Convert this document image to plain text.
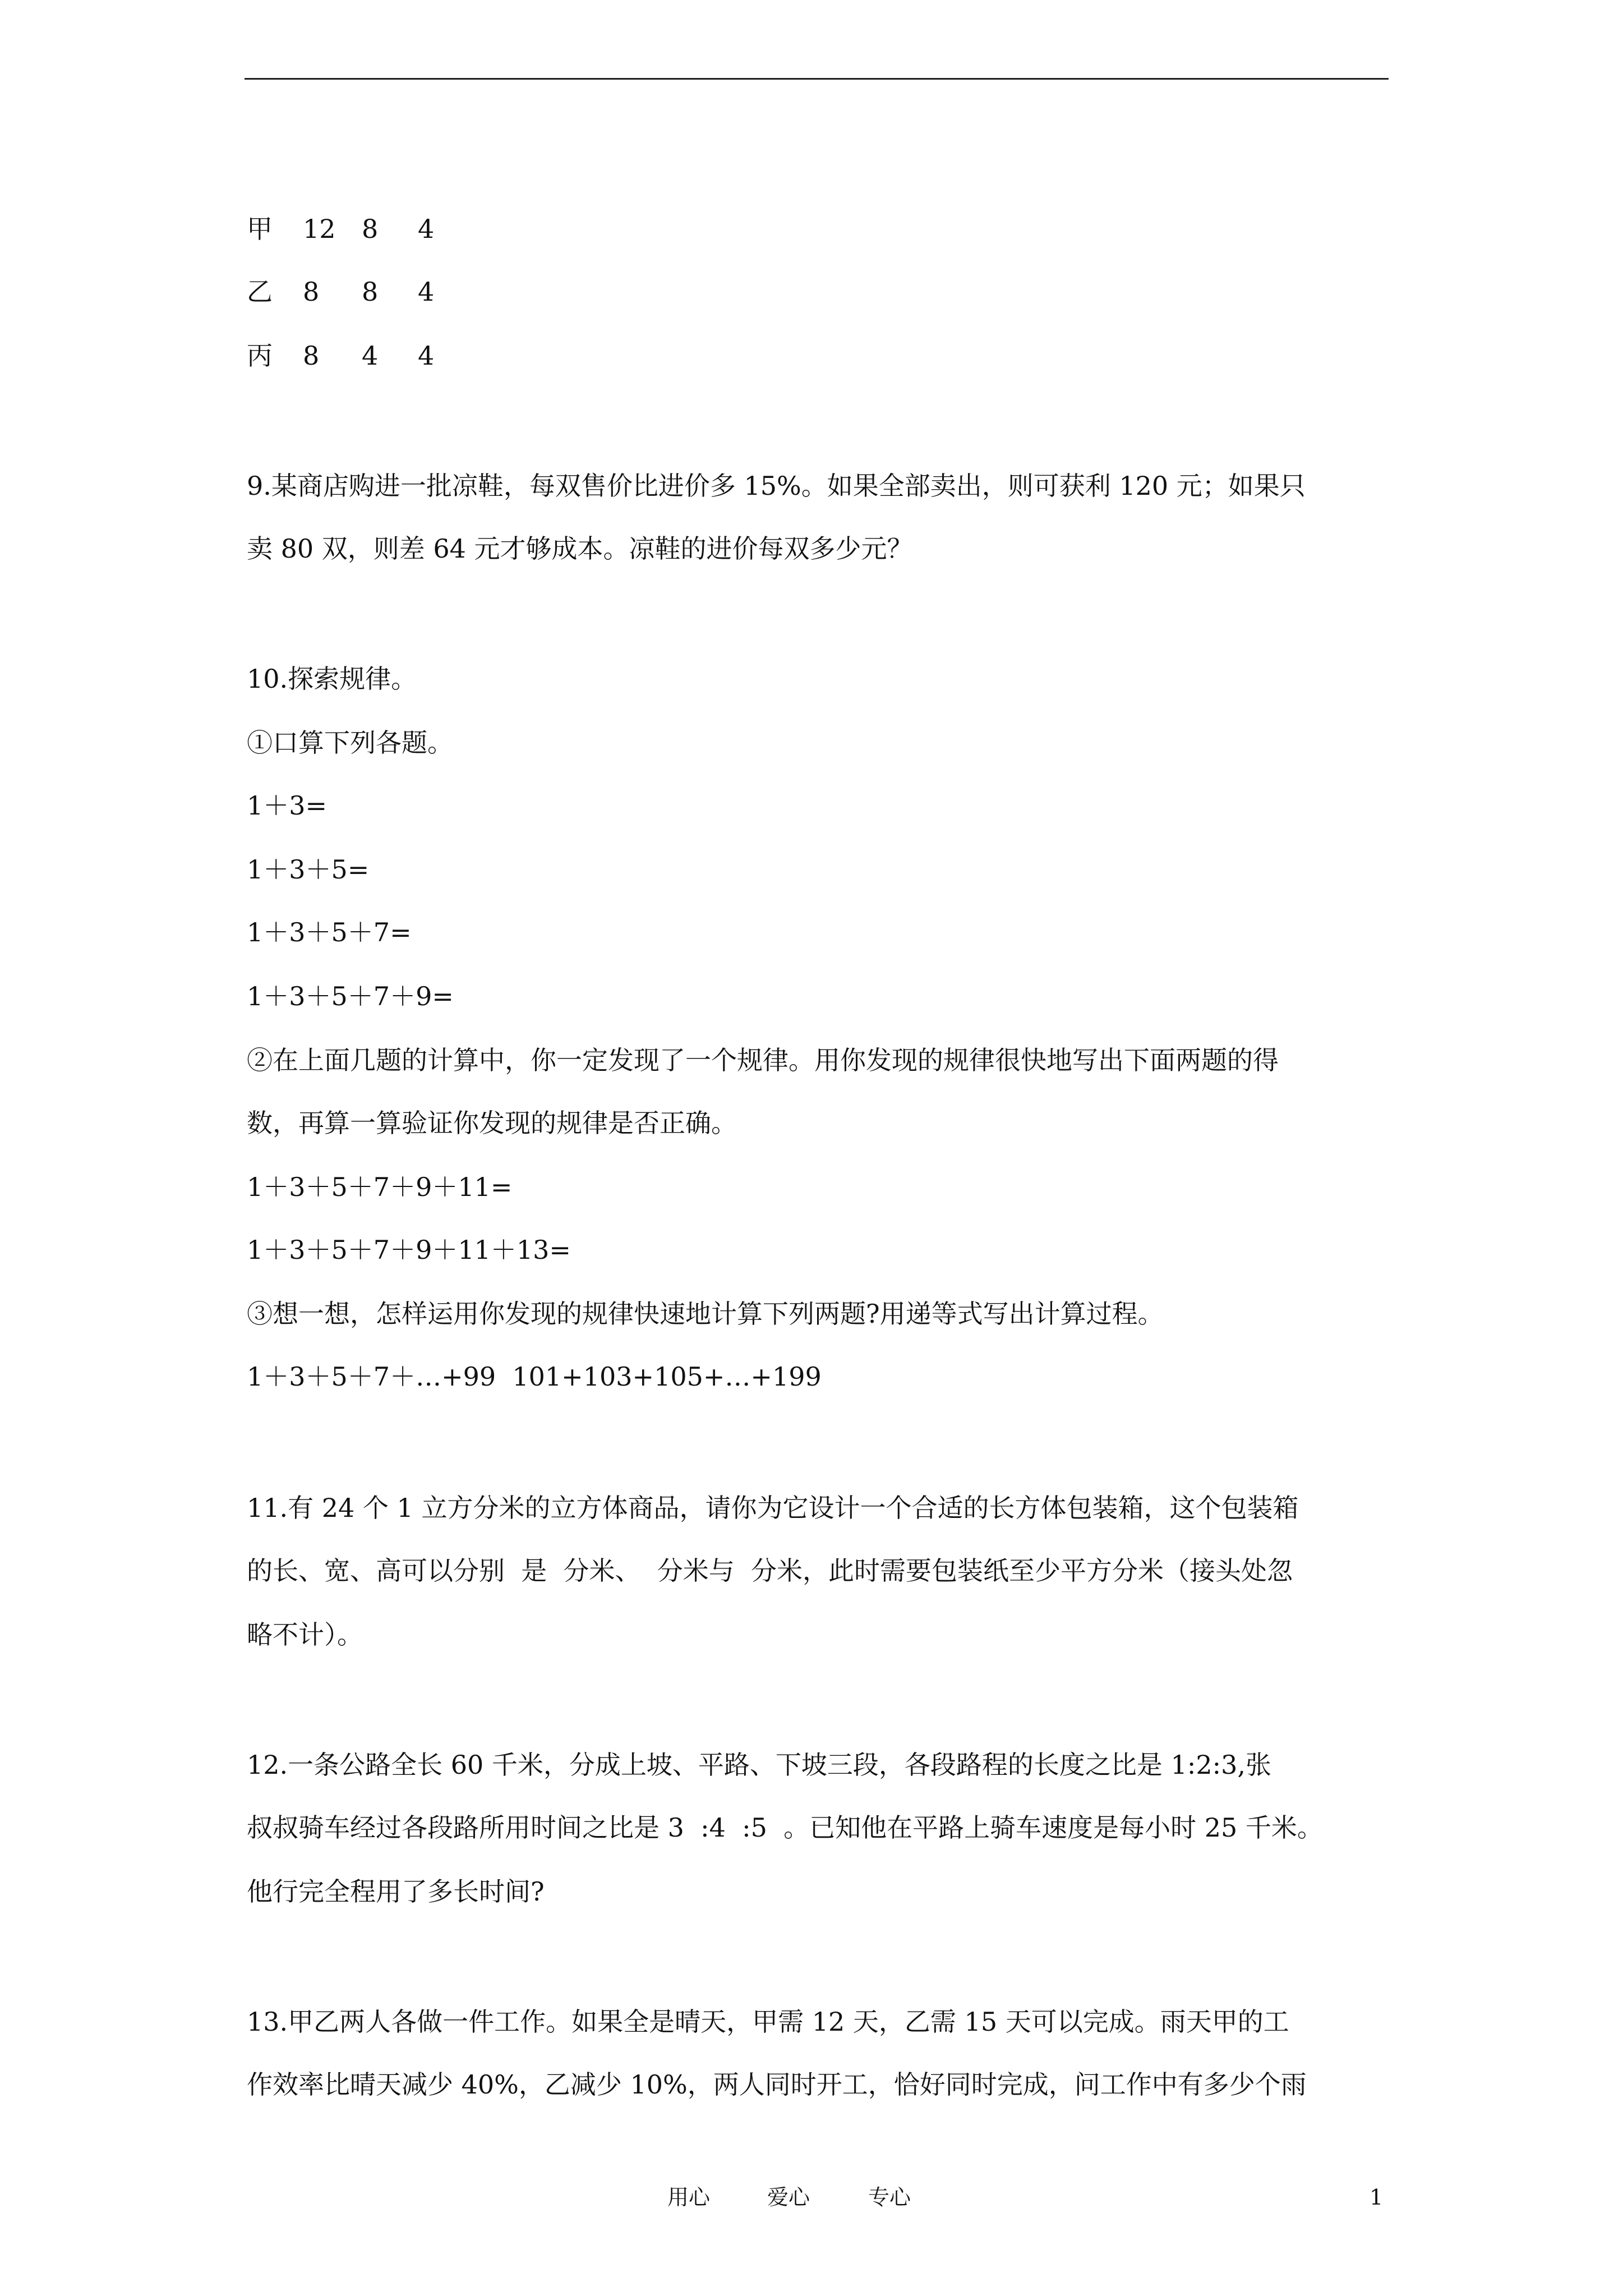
甲 12 8 4
乙 8 8 4
丙 8 4 4

9.某商店购进一批凉鞋，每双售价比进价多 15%。如果全部卖出，则可获利 120 元；如果只

卖 80 双，则差 64 元才够成本。凉鞋的进价每双多少元？

10.探索规律。

①口算下列各题。

1＋3=

1＋3＋5=

1＋3＋5＋7=

1＋3＋5＋7＋9=

②在上面几题的计算中，你一定发现了一个规律。用你发现的规律很快地写出下面两题的得

数，再算一算验证你发现的规律是否正确。

1＋3＋5＋7＋9＋11=

1＋3＋5＋7＋9＋11＋13=

③想一想，怎样运用你发现的规律快速地计算下列两题?用递等式写出计算过程。

1＋3＋5＋7＋…+99  101+103+105+…+199

11.有 24 个 1 立方分米的立方体商品，请你为它设计一个合适的长方体包装箱，这个包装箱

的长、宽、高可以分别  是  分米、  分米与  分米，此时需要包装纸至少平方分米（接头处忽

略不计）。

12.一条公路全长 60 千米，分成上坡、平路、下坡三段，各段路程的长度之比是 1:2:3,张

叔叔骑车经过各段路所用时间之比是 3  :4  :5  。已知他在平路上骑车速度是每小时 25 千米。

他行完全程用了多长时间?

13.甲乙两人各做一件工作。如果全是晴天，甲需 12 天，乙需 15 天可以完成。雨天甲的工

作效率比晴天减少 40%，乙减少 10%，两人同时开工，恰好同时完成，问工作中有多少个雨

用心	爱心	专心	1
